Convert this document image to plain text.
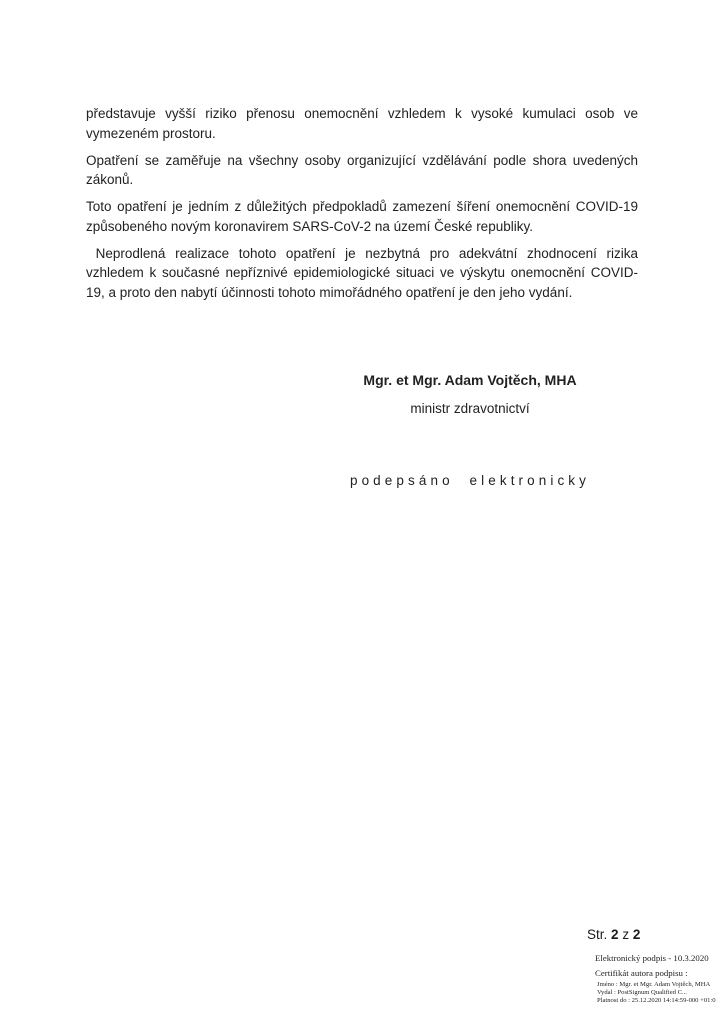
představuje vyšší riziko přenosu onemocnění vzhledem k vysoké kumulaci osob ve vymezeném prostoru.

Opatření se zaměřuje na všechny osoby organizující vzdělávání podle shora uvedených zákonů.

Toto opatření je jedním z důležitých předpokladů zamezení šíření onemocnění COVID-19 způsobeného novým koronavirem SARS-CoV-2 na území České republiky.

Neprodlená realizace tohoto opatření je nezbytná pro adekvátní zhodnocení rizika vzhledem k současné nepříznivé epidemiologické situaci ve výskytu onemocnění COVID-19, a proto den nabytí účinnosti tohoto mimořádného opatření je den jeho vydání.

Mgr. et Mgr. Adam Vojtěch, MHA
ministr zdravotnictví
podepsáno elektronicky
Str. 2 z 2
Elektronický podpis - 10.3.2020
Certifikát autora podpisu :
Jméno : Mgr. et Mgr. Adam Vojtěch, MHA
Vydal : PostSignum Qualified C...
Platnost do : 25.12.2020 14:14:59-000 +01:0
